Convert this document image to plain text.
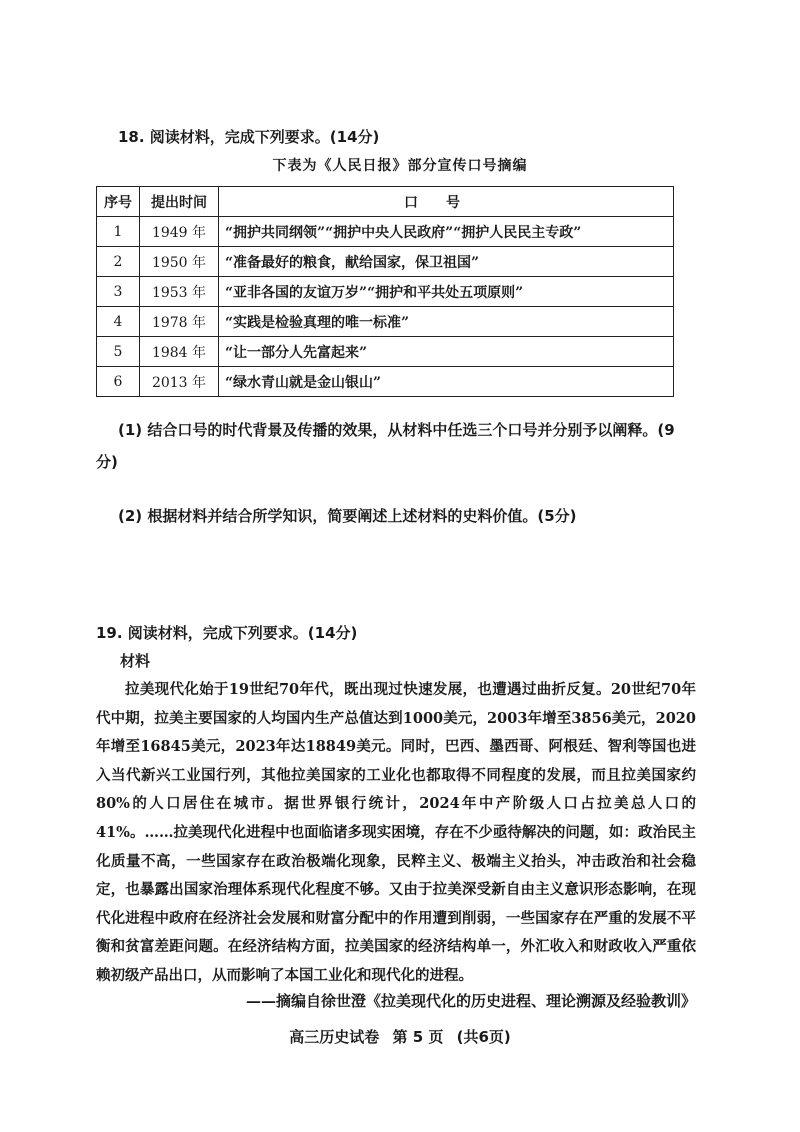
18. 阅读材料，完成下列要求。(14分)
下表为《人民日报》部分宣传口号摘编
序号	提出时间	口号
1	1949 年	“拥护共同纲领”“拥护中央人民政府”“拥护人民民主专政”
2	1950 年	“准备最好的粮食，献给国家，保卫祖国”
3	1953 年	“亚非各国的友谊万岁”“拥护和平共处五项原则”
4	1978 年	“实践是检验真理的唯一标准”
5	1984 年	“让一部分人先富起来”
6	2013 年	“绿水青山就是金山银山”
(1) 结合口号的时代背景及传播的效果，从材料中任选三个口号并分别予以阐释。(9分)
(2) 根据材料并结合所学知识，简要阐述上述材料的史料价值。(5分)
19. 阅读材料，完成下列要求。(14分)
材料

拉美现代化始于19世纪70年代，既出现过快速发展，也遭遇过曲折反复。20世纪70年代中期，拉美主要国家的人均国内生产总值达到1000美元，2003年增至3856美元，2020年增至16845美元，2023年达18849美元。同时，巴西、墨西哥、阿根廷、智利等国也进入当代新兴工业国行列，其他拉美国家的工业化也都取得不同程度的发展，而且拉美国家约80%的人口居住在城市。据世界银行统计，2024年中产阶级人口占拉美总人口的41%。……拉美现代化进程中也面临诸多现实困境，存在不少亟待解决的问题，如：政治民主化质量不高，一些国家存在政治极端化现象，民粹主义、极端主义抬头，冲击政治和社会稳定，也暴露出国家治理体系现代化程度不够。又由于拉美深受新自由主义意识形态影响，在现代化进程中政府在经济社会发展和财富分配中的作用遭到削弱，一些国家存在严重的发展不平衡和贫富差距问题。在经济结构方面，拉美国家的经济结构单一，外汇收入和财政收入严重依赖初级产品出口，从而影响了本国工业化和现代化的进程。

——摘编自徐世澄《拉美现代化的历史进程、理论溯源及经验教训》
高三历史试卷 第 5 页 (共6页)
